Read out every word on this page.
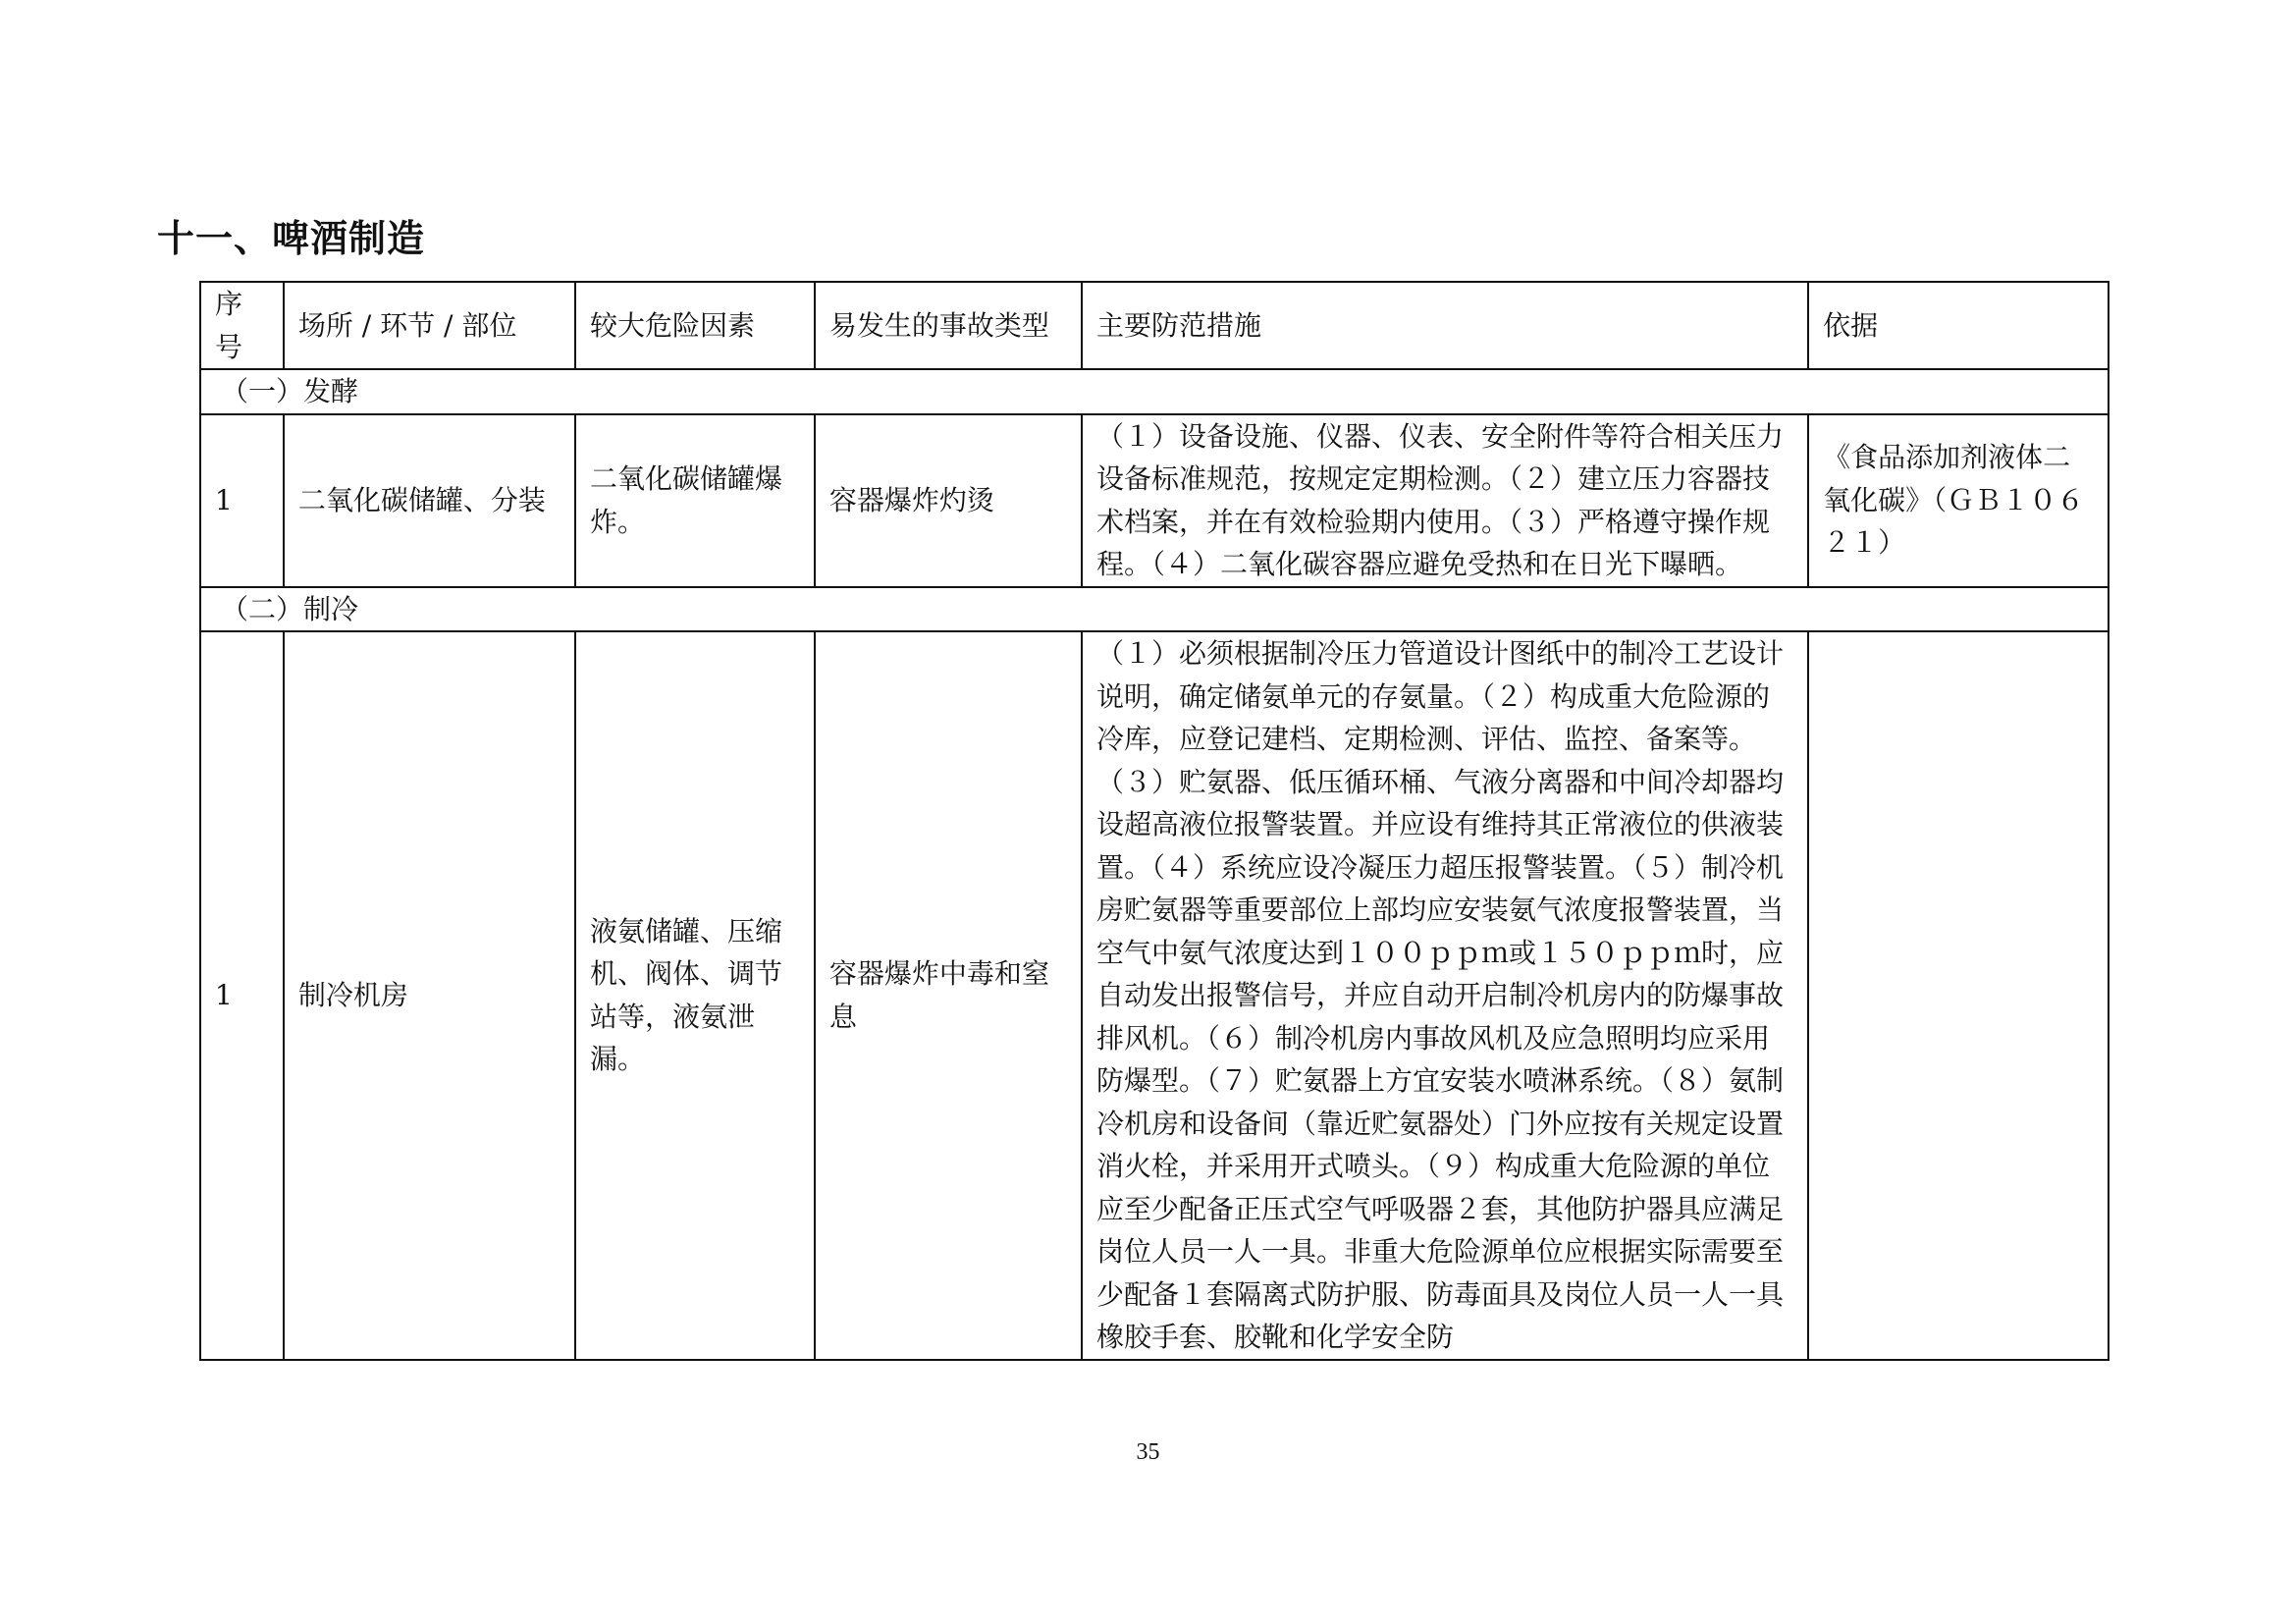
十一、啤酒制造
序号	场所 / 环节 / 部位	较大危险因素	易发生的事故类型	主要防范措施	依据
（一）发酵					
1	二氧化碳储罐、分装	二氧化碳储罐爆炸。	容器爆炸灼烫	（１）设备设施、仪器、仪表、安全附件等符合相关压力设备标准规范，按规定定期检测。（２）建立压力容器技术档案，并在有效检验期内使用。（３）严格遵守操作规程。（４）二氧化碳容器应避免受热和在日光下曝晒。	《食品添加剂液体二氧化碳》（ＧＢ１０６２１）
（二）制冷					
1	制冷机房	液氨储罐、压缩机、阀体、调节站等，液氨泄漏。	容器爆炸中毒和窒息	（１）必须根据制冷压力管道设计图纸中的制冷工艺设计说明，确定储氨单元的存氨量。（２）构成重大危险源的冷库，应登记建档、定期检测、评估、监控、备案等。（３）贮氨器、低压循环桶、气液分离器和中间冷却器均设超高液位报警装置。并应设有维持其正常液位的供液装置。（４）系统应设冷凝压力超压报警装置。（５）制冷机房贮氨器等重要部位上部均应安装氨气浓度报警装置，当空气中氨气浓度达到１００ｐｐｍ或１５０ｐｐｍ时，应自动发出报警信号，并应自动开启制冷机房内的防爆事故排风机。（６）制冷机房内事故风机及应急照明均应采用防爆型。（７）贮氨器上方宜安装水喷淋系统。（８）氨制冷机房和设备间（靠近贮氨器处）门外应按有关规定设置消火栓，并采用开式喷头。（９）构成重大危险源的单位应至少配备正压式空气呼吸器２套，其他防护器具应满足岗位人员一人一具。非重大危险源单位应根据实际需要至少配备１套隔离式防护服、防毒面具及岗位人员一人一具橡胶手套、胶靴和化学安全防	
35
